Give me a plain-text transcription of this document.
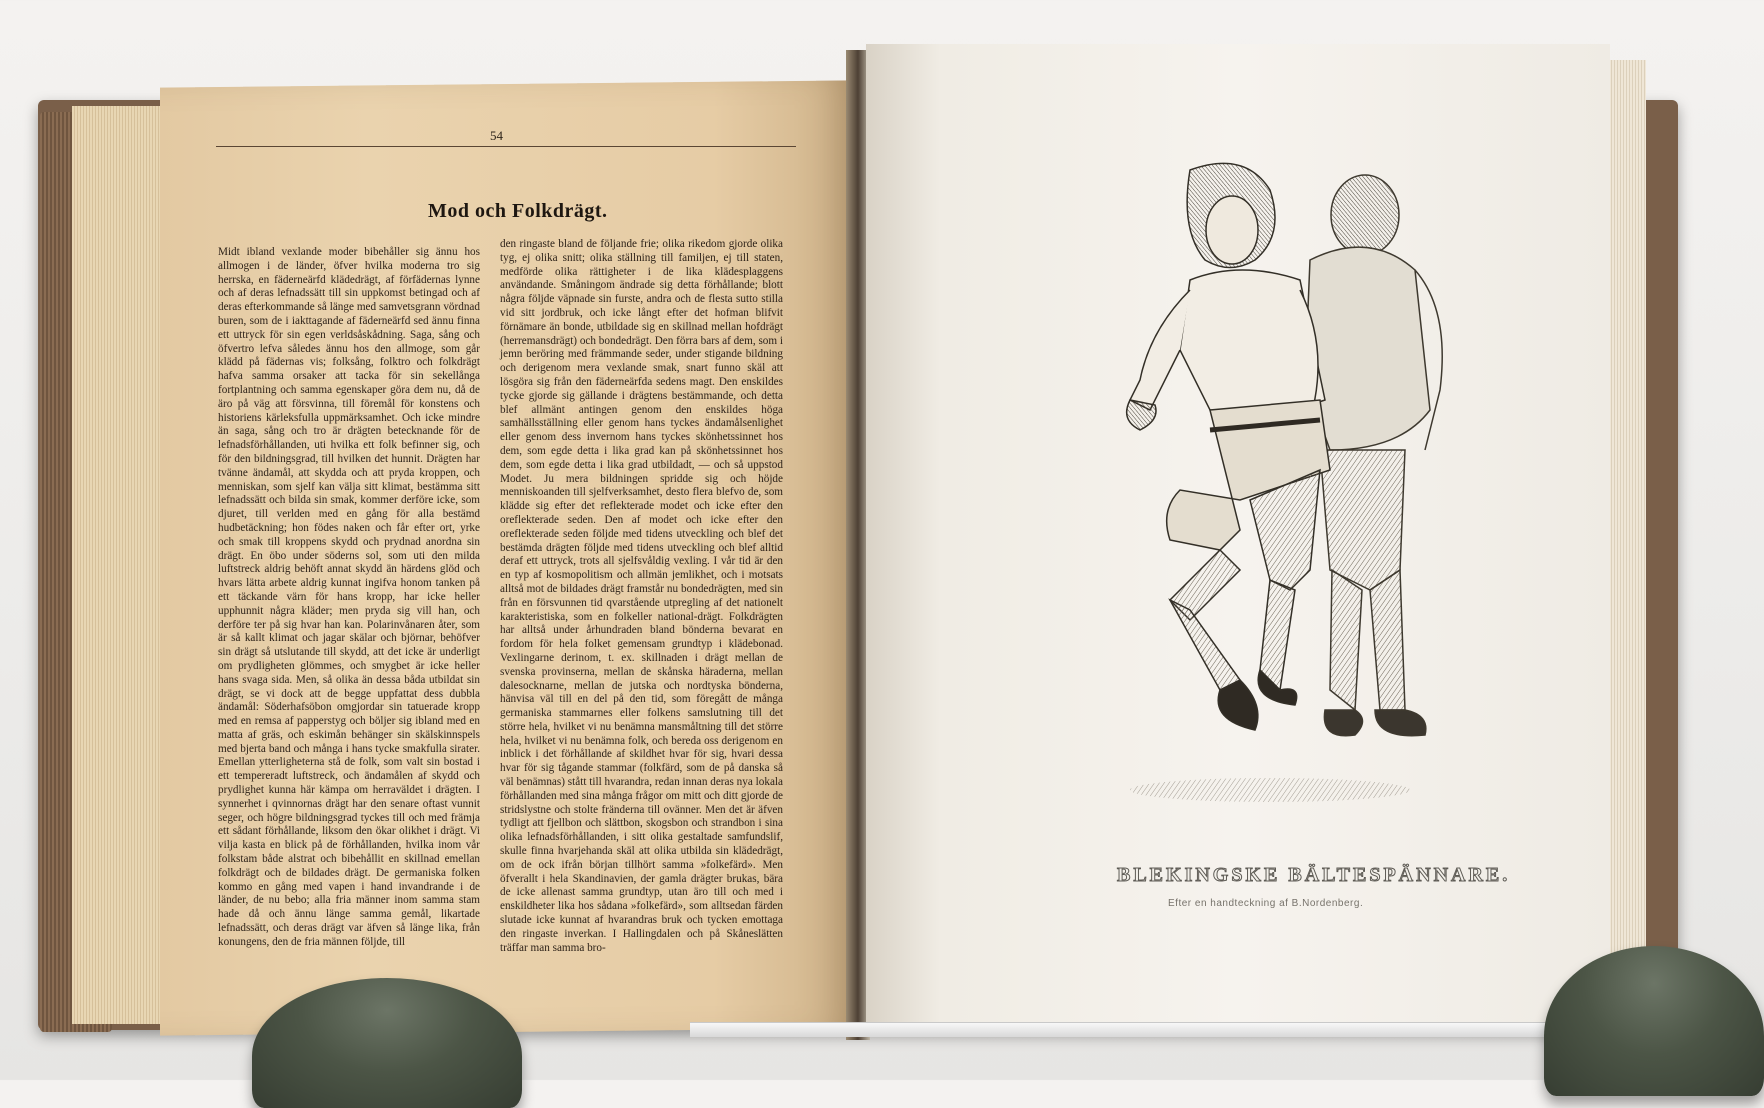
54
Mod och Folkdrägt.
Midt ibland vexlande moder bibehåller sig ännu hos allmogen i de länder, öfver hvilka moderna tro sig herrska, en fäderneärfd klädedrägt, af förfädernas lynne och af deras lefnadssätt till sin uppkomst betingad och af deras efterkommande så länge med samvetsgrann vördnad buren, som de i iakttagande af fäderneärfd sed ännu finna ett uttryck för sin egen verldsåskådning. Saga, sång och öfvertro lefva således ännu hos den allmoge, som går klädd på fädernas vis; folksång, folktro och folkdrägt hafva samma orsaker att tacka för sin sekellånga fortplantning och samma egenskaper göra dem nu, då de äro på väg att försvinna, till föremål för konstens och historiens kärleksfulla uppmärksamhet. Och icke mindre än saga, sång och tro är drägten betecknande för de lefnadsförhållanden, uti hvilka ett folk befinner sig, och för den bildningsgrad, till hvilken det hunnit. Drägten har tvänne ändamål, att skydda och att pryda kroppen, och menniskan, som sjelf kan välja sitt klimat, bestämma sitt lefnadssätt och bilda sin smak, kommer derföre icke, som djuret, till verlden med en gång för alla bestämd hudbetäckning; hon födes naken och får efter ort, yrke och smak till kroppens skydd och prydnad anordna sin drägt. En öbo under söderns sol, som uti den milda luftstreck aldrig behöft annat skydd än härdens glöd och hvars lätta arbete aldrig kunnat ingifva honom tanken på ett täckande värn för hans kropp, har icke heller upphunnit några kläder; men pryda sig vill han, och derföre ter på sig hvar han kan. Polarinvånaren åter, som är så kallt klimat och jagar skälar och björnar, behöfver sin drägt så utslutande till skydd, att det icke är underligt om prydligheten glömmes, och smygbet är icke heller hans svaga sida. Men, så olika än dessa båda utbildat sin drägt, se vi dock att de begge uppfattat dess dubbla ändamål: Söderhafsöbon omgjordar sin tatuerade kropp med en remsa af papperstyg och böljer sig ibland med en matta af gräs, och eskimån behänger sin skälskinnspels med bjerta band och många i hans tycke smakfulla sirater. Emellan ytterligheterna stå de folk, som valt sin bostad i ett tempereradt luftstreck, och ändamålen af skydd och prydlighet kunna här kämpa om herraväldet i drägten. I synnerhet i qvinnornas drägt har den senare oftast vunnit seger, och högre bildningsgrad tyckes till och med främja ett sådant förhållande, liksom den ökar olikhet i drägt. Vi vilja kasta en blick på de förhållanden, hvilka inom vår folkstam både alstrat och bibehållit en skillnad emellan folkdrägt och de bildades drägt. De germaniska folken kommo en gång med vapen i hand invandrande i de länder, de nu bebo; alla fria männer inom samma stam hade då och ännu länge samma gemål, likartade lefnadssätt, och deras drägt var äfven så länge lika, från konungens, den de fria männen följde, till
den ringaste bland de följande frie; olika rikedom gjorde olika tyg, ej olika snitt; olika ställning till familjen, ej till staten, medförde olika rättigheter i de lika klädesplaggens användande. Småningom ändrade sig detta förhållande; blott några följde väpnade sin furste, andra och de flesta sutto stilla vid sitt jordbruk, och icke långt efter det hofman blifvit förnämare än bonde, utbildade sig en skillnad mellan hofdrägt (herremansdrägt) och bondedrägt. Den förra bars af dem, som i jemn beröring med främmande seder, under stigande bildning och derigenom mera vexlande smak, snart funno skäl att lösgöra sig från den fäderneärfda sedens magt. Den enskildes tycke gjorde sig gällande i drägtens bestämmande, och detta blef allmänt antingen genom den enskildes höga samhällsställning eller genom hans tyckes ändamålsenlighet eller genom dess invernom hans tyckes skönhetssinnet hos dem, som egde detta i lika grad kan på skönhetssinnet hos dem, som egde detta i lika grad utbildadt, — och så uppstod Modet. Ju mera bildningen spridde sig och höjde menniskoanden till sjelfverksamhet, desto flera blefvo de, som klädde sig efter det reflekterade modet och icke efter den oreflekterade seden. Den af modet och icke efter den oreflekterade seden följde med tidens utveckling och blef det bestämda drägten följde med tidens utveckling och blef alltid deraf ett uttryck, trots all sjelfsvåldig vexling. I vår tid är den en typ af kosmopolitism och allmän jemlikhet, och i motsats alltså mot de bildades drägt framstår nu bondedrägten, med sin från en försvunnen tid qvarstående utpregling af det nationelt karakteristiska, som en folkeller national-drägt. Folkdrägten har alltså under århundraden bland bönderna bevarat en fordom för hela folket gemensam grundtyp i klädebonad. Vexlingarne derinom, t. ex. skillnaden i drägt mellan de svenska provinserna, mellan de skånska häraderna, mellan dalesocknarne, mellan de jutska och nordtyska bönderna, hänvisa väl till en del på den tid, som föregått de många germaniska stammarnes eller folkens samslutning till det större hela, hvilket vi nu benämna mansmåltning till det större hela, hvilket vi nu benämna folk, och bereda oss derigenom en inblick i det förhållande af skildhet hvar för sig, hvari dessa hvar för sig tågande stammar (folkfärd, som de på danska så väl benämnas) stått till hvarandra, redan innan deras nya lokala förhållanden med sina många frågor om mitt och ditt gjorde de stridslystne och stolte fränderna till ovänner. Men det är äfven tydligt att fjellbon och slättbon, skogsbon och strandbon i sina olika lefnadsförhållanden, i sitt olika gestaltade samfundslif, skulle finna hvarjehanda skäl att olika utbilda sin klädedrägt, om de ock ifrån början tillhört samma »folkefärd». Men öfverallt i hela Skandinavien, der gamla drägter brukas, bära de icke allenast samma grundtyp, utan äro till och med i enskildheter lika hos sådana »folkefärd», som alltsedan färden slutade icke kunnat af hvarandras bruk och tycken emottaga den ringaste inverkan. I Hallingdalen och på Skåneslätten träffar man samma bro-
BLEKINGSKE BÄLTESPÄNNARE.
Efter en handteckning af B.Nordenberg.
